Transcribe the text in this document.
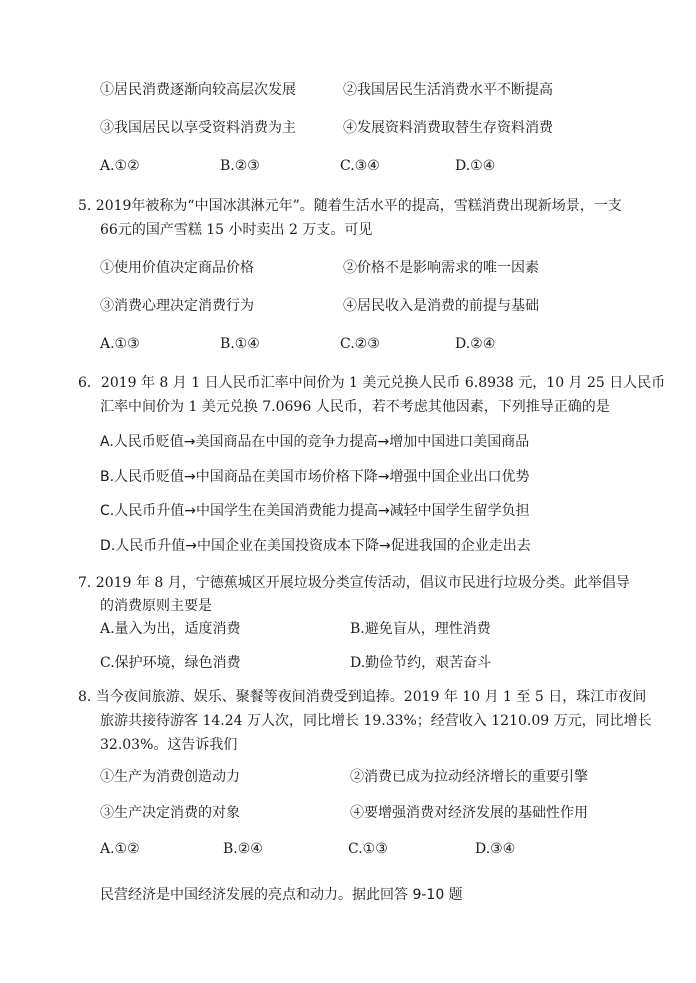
①居民消费逐渐向较高层次发展	②我国居民生活消费水平不断提高
③我国居民以享受资料消费为主	④发展资料消费取替生存资料消费
A.①②	B.②③	C.③④	D.①④
5. 2019年被称为“中国冰淇淋元年”。随着生活水平的提高，雪糕消费出现新场景，一支
66元的国产雪糕 15 小时卖出 2 万支。可见
①使用价值决定商品价格	②价格不是影响需求的唯一因素
③消费心理决定消费行为	④居民收入是消费的前提与基础
A.①③	B.①④	C.②③	D.②④
6．2019 年 8 月 1 日人民币汇率中间价为 1 美元兑换人民币 6.8938 元，10 月 25 日人民币
汇率中间价为 1 美元兑换 7.0696 人民币，若不考虑其他因素，下列推导正确的是
A.人民币贬值→美国商品在中国的竞争力提高→增加中国进口美国商品
B.人民币贬值→中国商品在美国市场价格下降→增强中国企业出口优势
C.人民币升值→中国学生在美国消费能力提高→减轻中国学生留学负担
D.人民币升值→中国企业在美国投资成本下降→促进我国的企业走出去
7. 2019 年 8 月，宁德蕉城区开展垃圾分类宣传活动，倡议市民进行垃圾分类。此举倡导
的消费原则主要是
A.量入为出，适度消费	B.避免盲从，理性消费
C.保护环境，绿色消费	D.勤俭节约，艰苦奋斗
8. 当今夜间旅游、娱乐、聚餐等夜间消费受到追捧。2019 年 10 月 1 至 5 日，珠江市夜间
旅游共接待游客 14.24 万人次，同比增长 19.33%；经营收入 1210.09 万元，同比增长
32.03%。这告诉我们
①生产为消费创造动力	②消费已成为拉动经济增长的重要引擎
③生产决定消费的对象	④要增强消费对经济发展的基础性作用
A.①②	B.②④	C.①③	D.③④
民营经济是中国经济发展的亮点和动力。据此回答 9-10 题
